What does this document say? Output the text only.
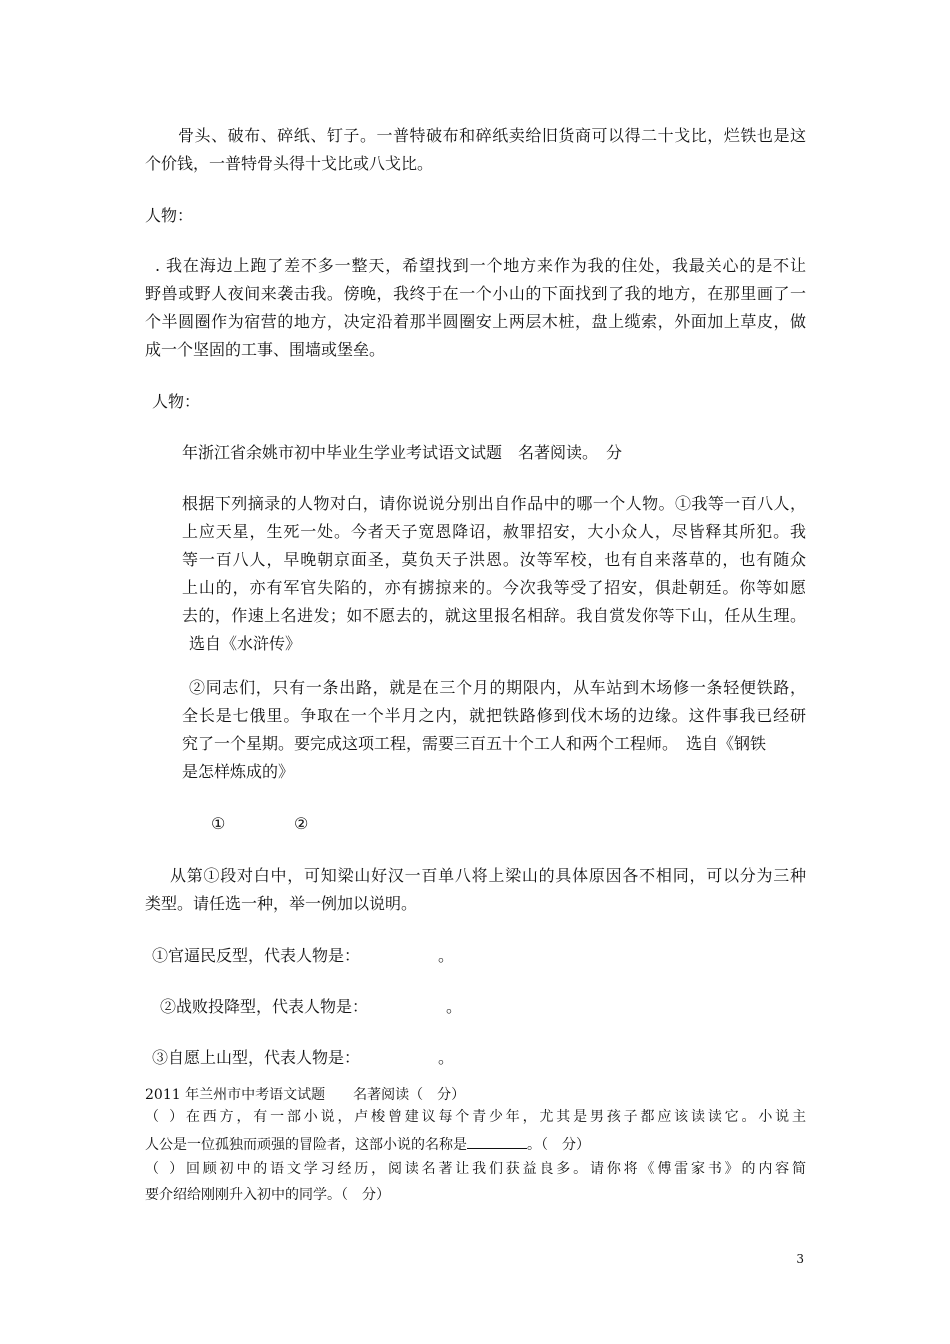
骨头、破布、碎纸、钉子。一普特破布和碎纸卖给旧货商可以得二十戈比，烂铁也是这
个价钱，一普特骨头得十戈比或八戈比。
人物：
. 我在海边上跑了差不多一整天，希望找到一个地方来作为我的住处，我最关心的是不让
野兽或野人夜间来袭击我。傍晚，我终于在一个小山的下面找到了我的地方，在那里画了一
个半圆圈作为宿营的地方，决定沿着那半圆圈安上两层木桩，盘上缆索，外面加上草皮，做
成一个坚固的工事、围墙或堡垒。
人物：
年浙江省余姚市初中毕业生学业考试语文试题　名著阅读。　分
根据下列摘录的人物对白，请你说说分别出自作品中的哪一个人物。①我等一百八人，
上应天星，生死一处。今者天子宽恩降诏，赦罪招安，大小众人，尽皆释其所犯。我
等一百八人，早晚朝京面圣，莫负天子洪恩。汝等军校，也有自来落草的，也有随众
上山的，亦有军官失陷的，亦有掳掠来的。今次我等受了招安，俱赴朝廷。你等如愿
去的，作速上名进发；如不愿去的，就这里报名相辞。我自赏发你等下山，任从生理。
选自《水浒传》
②同志们，只有一条出路，就是在三个月的期限内，从车站到木场修一条轻便铁路，
全长是七俄里。争取在一个半月之内，就把铁路修到伐木场的边缘。这件事我已经研
究了一个星期。要完成这项工程，需要三百五十个工人和两个工程师。　选自《钢铁
是怎样炼成的》
①	②
从第①段对白中，可知梁山好汉一百单八将上梁山的具体原因各不相同，可以分为三种
类型。请任选一种，举一例加以说明。
①官逼民反型，代表人物是：	。
②战败投降型，代表人物是：	。
③自愿上山型，代表人物是：	。
2011 年兰州市中考语文试题　　名著阅读（　分）
（ ）在西方，有一部小说，卢梭曾建议每个青少年，尤其是男孩子都应该读读它。小说主
人公是一位孤独而顽强的冒险者，这部小说的名称是	。（　分）
（ ）回顾初中的语文学习经历，阅读名著让我们获益良多。请你将《傅雷家书》的内容简
要介绍给刚刚升入初中的同学。（　分）
3
